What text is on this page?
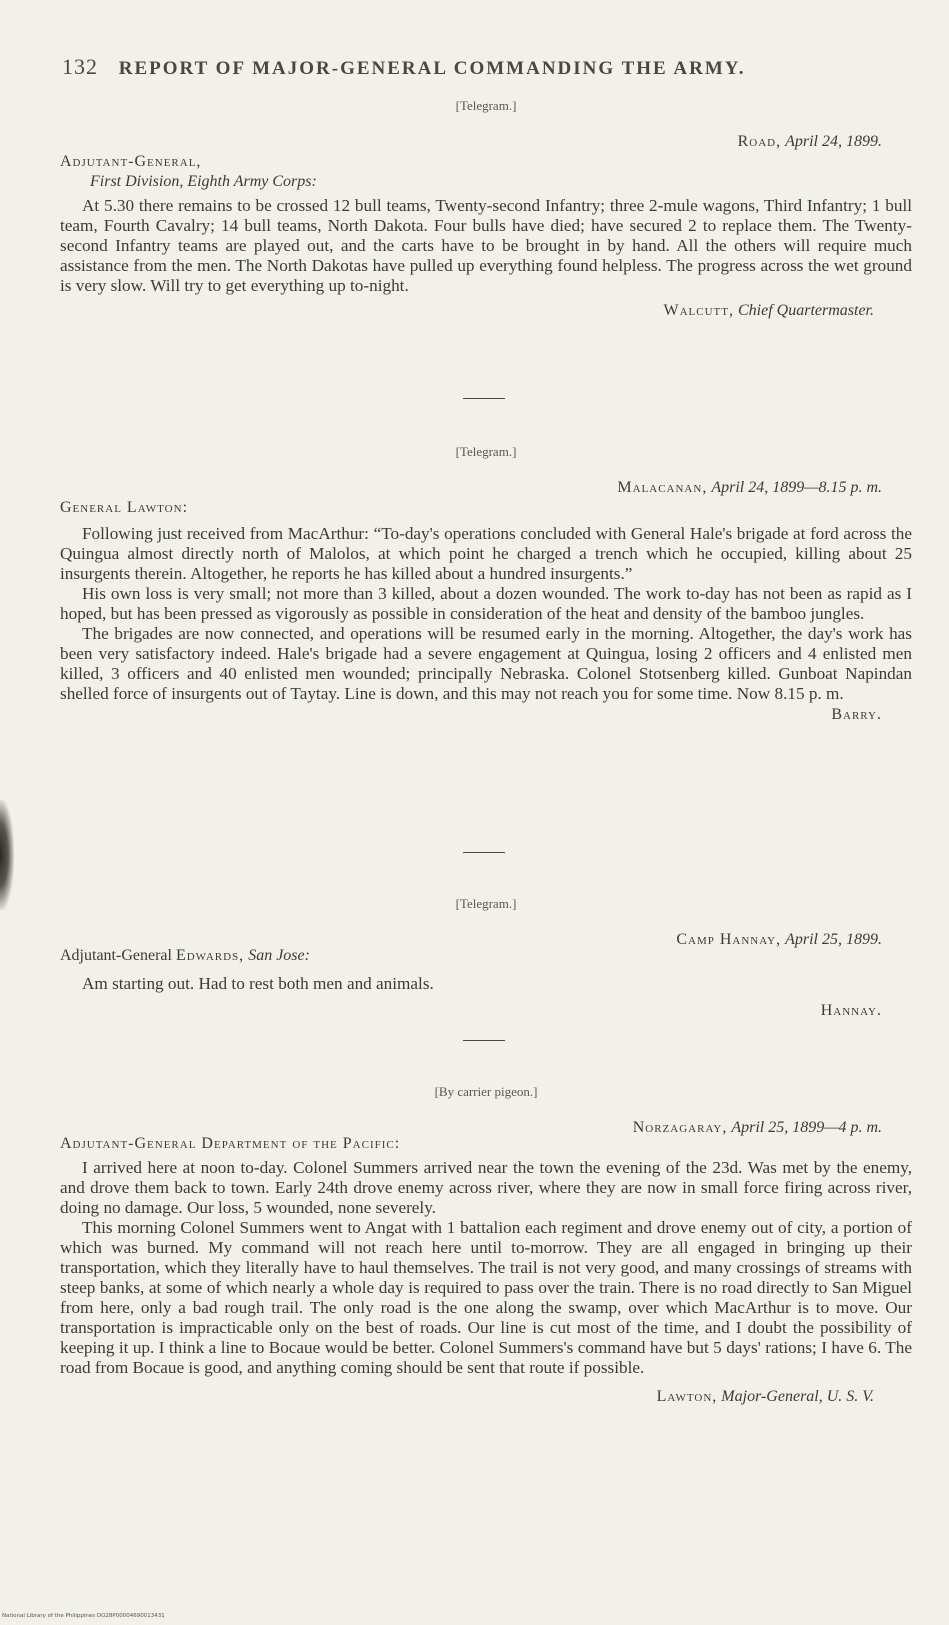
132 REPORT OF MAJOR-GENERAL COMMANDING THE ARMY.
[Telegram.]
Road, April 24, 1899.
Adjutant-General,
First Division, Eighth Army Corps:

At 5.30 there remains to be crossed 12 bull teams, Twenty-second Infantry; three 2-mule wagons, Third Infantry; 1 bull team, Fourth Cavalry; 14 bull teams, North Dakota. Four bulls have died; have secured 2 to replace them. The Twenty-second Infantry teams are played out, and the carts have to be brought in by hand. All the others will require much assistance from the men. The North Dakotas have pulled up everything found helpless. The progress across the wet ground is very slow. Will try to get everything up to-night.

Walcutt, Chief Quartermaster.
[Telegram.]
Malacanan, April 24, 1899—8.15 p. m.
General Lawton:

Following just received from MacArthur: “To-day's operations concluded with General Hale's brigade at ford across the Quingua almost directly north of Malolos, at which point he charged a trench which he occupied, killing about 25 insurgents therein. Altogether, he reports he has killed about a hundred insurgents.”

His own loss is very small; not more than 3 killed, about a dozen wounded. The work to-day has not been as rapid as I hoped, but has been pressed as vigorously as possible in consideration of the heat and density of the bamboo jungles.

The brigades are now connected, and operations will be resumed early in the morning. Altogether, the day's work has been very satisfactory indeed. Hale's brigade had a severe engagement at Quingua, losing 2 officers and 4 enlisted men killed, 3 officers and 40 enlisted men wounded; principally Nebraska. Colonel Stotsenberg killed. Gunboat Napindan shelled force of insurgents out of Taytay. Line is down, and this may not reach you for some time. Now 8.15 p. m.

Barry.
[Telegram.]
Camp Hannay, April 25, 1899.
Adjutant-General Edwards, San Jose:

Am starting out. Had to rest both men and animals.

Hannay.
[By carrier pigeon.]
Norzagaray, April 25, 1899—4 p. m.
Adjutant-General Department of the Pacific:

I arrived here at noon to-day. Colonel Summers arrived near the town the evening of the 23d. Was met by the enemy, and drove them back to town. Early 24th drove enemy across river, where they are now in small force firing across river, doing no damage. Our loss, 5 wounded, none severely.

This morning Colonel Summers went to Angat with 1 battalion each regiment and drove enemy out of city, a portion of which was burned. My command will not reach here until to-morrow. They are all engaged in bringing up their transportation, which they literally have to haul themselves. The trail is not very good, and many crossings of streams with steep banks, at some of which nearly a whole day is required to pass over the train. There is no road directly to San Miguel from here, only a bad rough trail. The only road is the one along the swamp, over which MacArthur is to move. Our transportation is impracticable only on the best of roads. Our line is cut most of the time, and I doubt the possibility of keeping it up. I think a line to Bocaue would be better. Colonel Summers's command have but 5 days' rations; I have 6. The road from Bocaue is good, and anything coming should be sent that route if possible.

Lawton, Major-General, U. S. V.
National Library of the Philippines DO28P00004690013431
